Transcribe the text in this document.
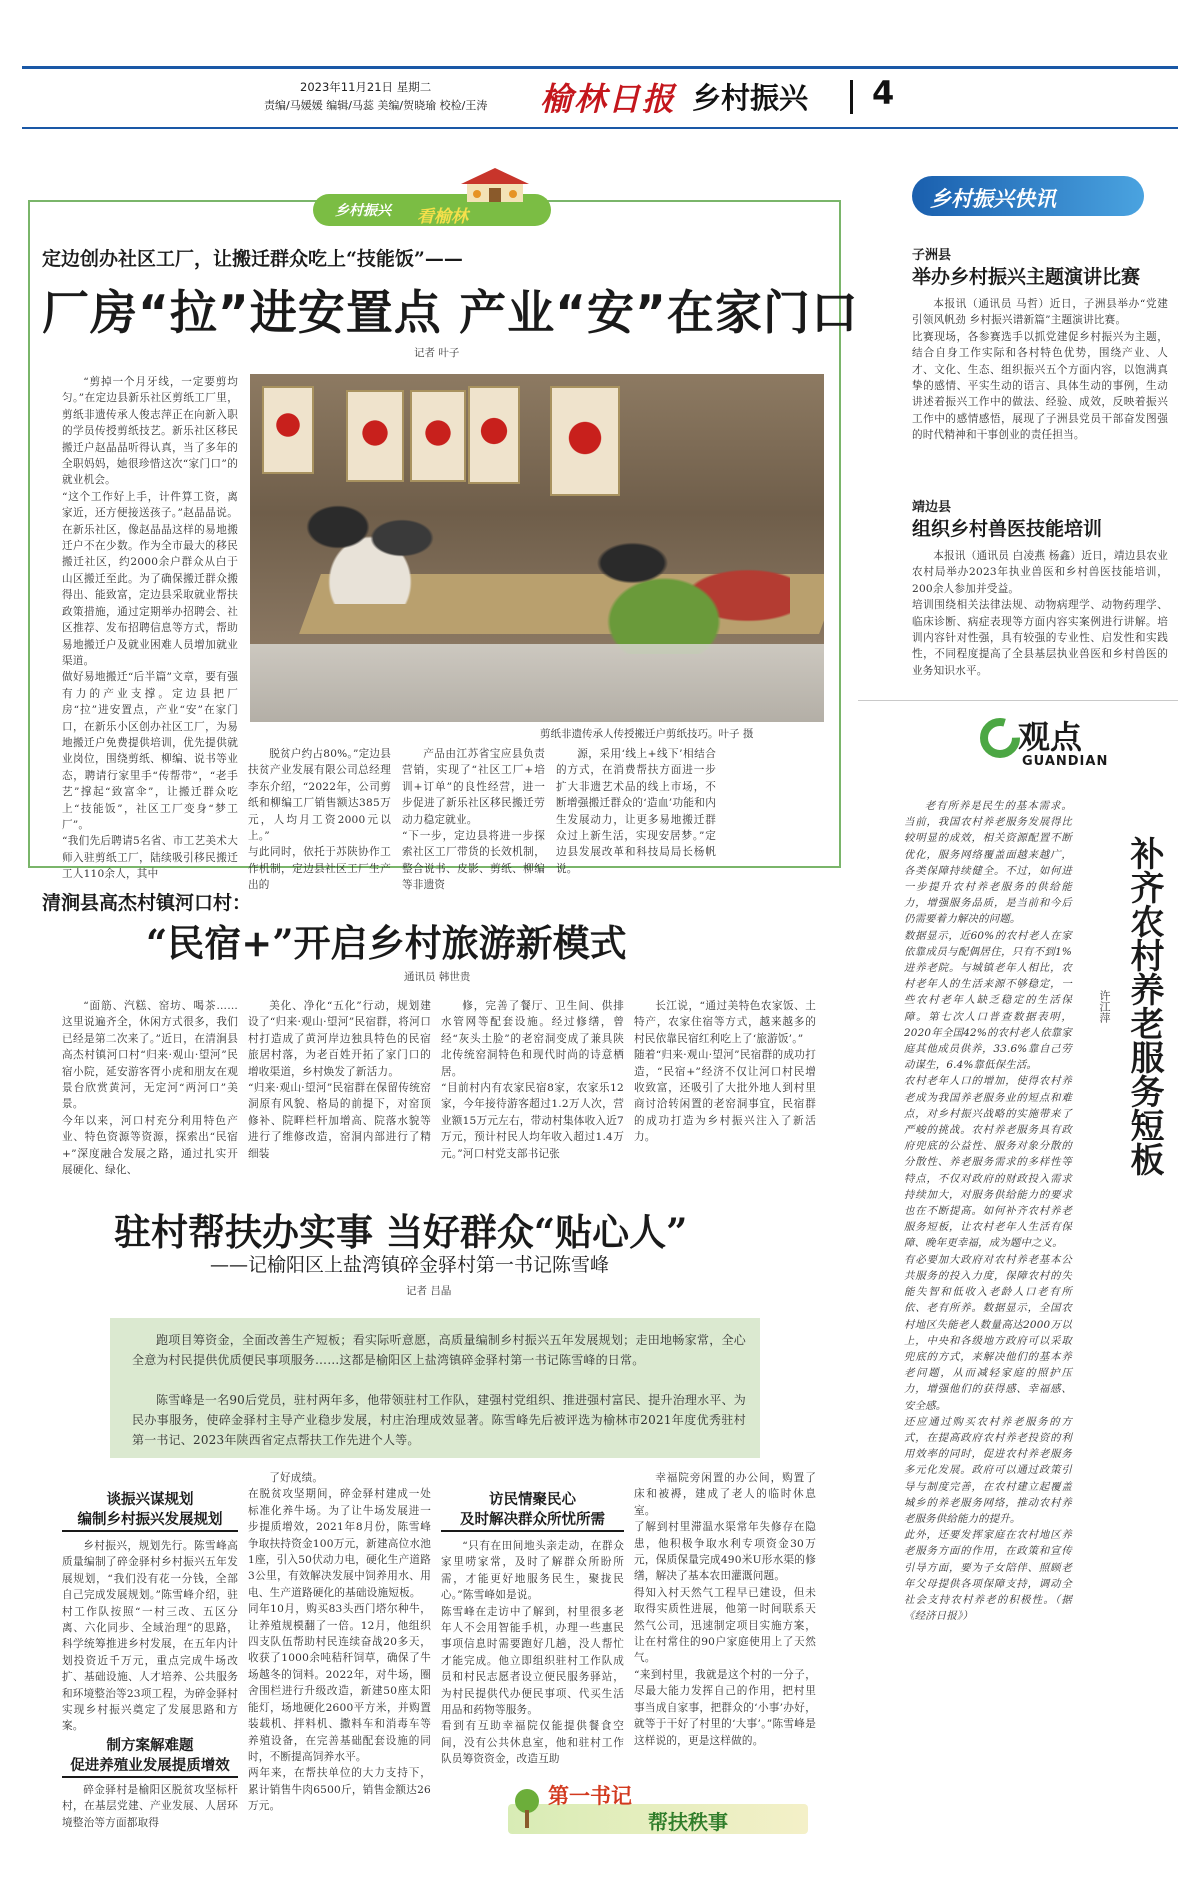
2023年11月21日 星期二
责编/马媛媛 编辑/马蕊 美编/贺晓瑜 校检/王涛 榆林日报 乡村振兴 4
乡村振兴 看榆林
定边创办社区工厂，让搬迁群众吃上“技能饭”——
厂房“拉”进安置点 产业“安”在家门口
记者 叶子
剪纸非遗传承人传授搬迁户剪纸技巧。叶子 摄
“剪掉一个月牙线，一定要剪均匀。”在定边县新乐社区剪纸工厂里，剪纸非遗传承人俊志萍正在向新入职的学员传授剪纸技艺。新乐社区移民搬迁户赵晶晶听得认真，当了多年的全职妈妈，她很珍惜这次“家门口”的就业机会。
“这个工作好上手，计件算工资，离家近，还方便接送孩子。”赵晶晶说。在新乐社区，像赵晶晶这样的易地搬迁户不在少数。作为全市最大的移民搬迁社区，约2000余户群众从白于山区搬迁至此。为了确保搬迁群众搬得出、能致富，定边县采取就业帮扶政策措施，通过定期举办招聘会、社区推荐、发布招聘信息等方式，帮助易地搬迁户及就业困难人员增加就业渠道。
做好易地搬迁“后半篇”文章，要有强有力的产业支撑。定边县把厂房“拉”进安置点，产业“安”在家门口，在新乐小区创办社区工厂，为易地搬迁户免费提供培训，优先提供就业岗位，围绕剪纸、柳编、说书等业态，聘请行家里手“传帮带”，“老手艺”撑起“致富伞”，让搬迁群众吃上“技能饭”，社区工厂变身“梦工厂”。
“我们先后聘请5名省、市工艺美术大师入驻剪纸工厂，陆续吸引移民搬迁工人110余人，其中
脱贫户约占80%。”定边县扶贫产业发展有限公司总经理李东介绍，“2022年，公司剪纸和柳编工厂销售额达385万元，人均月工资2000元以上。”
与此同时，依托于苏陕协作工作机制，定边县社区工厂生产出的
产品由江苏省宝应县负责营销，实现了“社区工厂+培训+订单”的良性经营，进一步促进了新乐社区移民搬迁劳动力稳定就业。
“下一步，定边县将进一步探索社区工厂带货的长效机制，整合说书、皮影、剪纸、柳编等非遗资
源，采用‘线上+线下’相结合的方式，在消费帮扶方面进一步扩大非遗艺术品的线上市场，不断增强搬迁群众的‘造血’功能和内生发展动力，让更多易地搬迁群众过上新生活，实现安居梦。”定边县发展改革和科技局局长杨帆说。
清涧县高杰村镇河口村：
“民宿+”开启乡村旅游新模式
通讯员 韩世贵
“面筋、汽糕、窑坊、喝茶……这里说遍齐全，休闲方式很多，我们已经是第二次来了。”近日，在清涧县高杰村镇河口村“归来·观山·望河”民宿小院，延安游客胥小虎和朋友在观景台欣赏黄河，无定河“两河口”美景。
今年以来，河口村充分利用特色产业、特色资源等资源，探索出“民宿+”深度融合发展之路，通过扎实开展硬化、绿化、
美化、净化“五化”行动，规划建设了“归来·观山·望河”民宿群，将河口村打造成了黄河岸边独具特色的民宿旅居村落，为老百姓开拓了家门口的增收渠道，乡村焕发了新活力。
“归来·观山·望河”民宿群在保留传统窑洞原有风貌、格局的前提下，对窑顶修补、院畔栏杆加增高、院落水貌等进行了维修改造，窑洞内部进行了精细装
修，完善了餐厅、卫生间、供排水管网等配套设施。经过修缮，曾经“灰头土脸”的老窑洞变成了兼具陕北传统窑洞特色和现代时尚的诗意栖居。
“目前村内有农家民宿8家，农家乐12家，今年接待游客超过1.2万人次，营业额15万元左右，带动村集体收入近7万元，预计村民人均年收入超过1.4万元。”河口村党支部书记张
长江说，“通过美特色农家饭、土特产，农家住宿等方式，越来越多的村民依靠民宿红利吃上了‘旅游饭’。”
随着“归来·观山·望河”民宿群的成功打造，“民宿+”经济不仅让河口村民增收致富，还吸引了大批外地人到村里商讨洽转闲置的老窑洞事宜，民宿群的成功打造为乡村振兴注入了新活力。
驻村帮扶办实事 当好群众“贴心人”
——记榆阳区上盐湾镇碎金驿村第一书记陈雪峰
记者 吕晶
跑项目筹资金，全面改善生产短板；看实际听意愿，高质量编制乡村振兴五年发展规划；走田地畅家常，全心全意为村民提供优质便民事项服务……这都是榆阳区上盐湾镇碎金驿村第一书记陈雪峰的日常。
陈雪峰是一名90后党员，驻村两年多，他带领驻村工作队，建强村党组织、推进强村富民、提升治理水平、为民办事服务，使碎金驿村主导产业稳步发展，村庄治理成效显著。陈雪峰先后被评选为榆林市2021年度优秀驻村第一书记、2023年陕西省定点帮扶工作先进个人等。
谈振兴谋规划
编制乡村振兴发展规划
乡村振兴，规划先行。陈雪峰高质量编制了碎金驿村乡村振兴五年发展规划，“我们没有花一分钱，全部自己完成发展规划。”陈雪峰介绍，驻村工作队按照“一村三改、五区分离、六化同步、全域治理”的思路，科学统筹推进乡村发展，在五年内计划投资近千万元，重点完成牛场改扩、基础设施、人才培养、公共服务和环境整治等23项工程，为碎金驿村实现乡村振兴奠定了发展思路和方案。
制方案解难题
促进养殖业发展提质增效
碎金驿村是榆阳区脱贫攻坚标杆村，在基层党建、产业发展、人居环境整治等方面都取得
了好成绩。
在脱贫攻坚期间，碎金驿村建成一处标准化养牛场。为了让牛场发展进一步提质增效，2021年8月份，陈雪峰争取扶持资金100万元，新建高位水池1座，引入50伏动力电，硬化生产道路3公里，有效解决发展中饲养用水、用电、生产道路硬化的基础设施短板。
同年10月，购买83头西门塔尔种牛，让养殖规模翻了一倍。12月，他组织四支队伍帮助村民连续奋战20多天，收获了1000余吨秸秆饲草，确保了牛场越冬的饲料。2022年，对牛场，圈舍围栏进行升级改造，新建50座太阳能灯，场地硬化2600平方米，并购置装载机、拌料机、撒料车和消毒车等养殖设备，在完善基础配套设施的同时，不断提高饲养水平。
两年来，在帮扶单位的大力支持下，累计销售牛肉6500斤，销售金额达26万元。
访民情聚民心
及时解决群众所忧所需
“只有在田间地头亲走动，在群众家里唠家常，及时了解群众所盼所需，才能更好地服务民生，聚拢民心。”陈雪峰如是说。
陈雪峰在走访中了解到，村里很多老年人不会用智能手机，办理一些惠民事项信息时需要跑好几趟，没人帮忙才能完成。他立即组织驻村工作队成员和村民志愿者设立便民服务驿站，为村民提供代办便民事项、代买生活用品和药物等服务。
看到有互助幸福院仅能提供餐食空间，没有公共休息室，他和驻村工作队员筹资资金，改造互助
幸福院旁闲置的办公间，购置了床和被褥，建成了老人的临时休息室。
了解到村里滞温水渠常年失修存在隐患，他积极争取水利专项资金30万元，保质保量完成490米U形水渠的修缮，解决了基本农田灌溉问题。
得知入村天然气工程早已建设，但未取得实质性进展，他第一时间联系天然气公司，迅速制定项目实施方案，让在村常住的90户家庭使用上了天然气。
“来到村里，我就是这个村的一分子，尽最大能力发挥自己的作用，把村里事当成自家事，把群众的‘小事’办好，就等于干好了村里的‘大事’。”陈雪峰是这样说的，更是这样做的。
第一书记
帮扶秩事
乡村振兴快讯
子洲县
举办乡村振兴主题演讲比赛
本报讯（通讯员 马哲）近日，子洲县举办“党建引领风帆劲 乡村振兴谱新篇”主题演讲比赛。
比赛现场，各参赛选手以抓党建促乡村振兴为主题，结合自身工作实际和各村特色优势，围绕产业、人才、文化、生态、组织振兴五个方面内容，以饱满真挚的感情、平实生动的语言、具体生动的事例，生动讲述着振兴工作中的做法、经验、成效，反映着振兴工作中的感情感悟，展现了子洲县党员干部奋发图强的时代精神和干事创业的责任担当。
靖边县
组织乡村兽医技能培训
本报讯（通讯员 白凌燕 杨鑫）近日，靖边县农业农村局举办2023年执业兽医和乡村兽医技能培训，200余人参加并受益。
培训围绕相关法律法规、动物病理学、动物药理学、临床诊断、病症表现等方面内容实案例进行讲解。培训内容针对性强，具有较强的专业性、启发性和实践性，不同程度提高了全县基层执业兽医和乡村兽医的业务知识水平。
观点
GUANDIAN
老有所养是民生的基本需求。当前，我国农村养老服务发展得比较明显的成效，相关资源配置不断优化，服务网络覆盖面越来越广，各类保障持续健全。不过，如何进一步提升农村养老服务的供给能力，增强服务品质，是当前和今后仍需要着力解决的问题。
数据显示，近60%的农村老人在家依靠成员与配偶居住，只有不到1%进养老院。与城镇老年人相比，农村老年人的生活来源不够稳定，一些农村老年人缺乏稳定的生活保障。第七次人口普查数据表明，2020年全国42%的农村老人依靠家庭其他成员供养，33.6%靠自己劳动谋生，6.4%靠低保生活。
农村老年人口的增加，使得农村养老成为我国养老服务业的短点和难点，对乡村振兴战略的实施带来了严峻的挑战。农村养老服务具有政府兜底的公益性、服务对象分散的分散性、养老服务需求的多样性等特点，不仅对政府的财政投入需求持续加大，对服务供给能力的要求也在不断提高。如何补齐农村养老服务短板，让农村老年人生活有保障、晚年更幸福，成为题中之义。
有必要加大政府对农村养老基本公共服务的投入力度，保障农村的失能失智和低收入老龄人口老有所依、老有所养。数据显示，全国农村地区失能老人数量高达2000万以上，中央和各级地方政府可以采取兜底的方式，来解决他们的基本养老问题，从而减轻家庭的照护压力，增强他们的获得感、幸福感、安全感。
还应通过购买农村养老服务的方式，在提高政府农村养老投资的利用效率的同时，促进农村养老服务多元化发展。政府可以通过政策引导与制度完善，在农村建立起覆盖城乡的养老服务网络，推动农村养老服务供给能力的提升。
此外，还要发挥家庭在农村地区养老服务方面的作用，在政策和宣传引导方面，要为子女陪伴、照顾老年父母提供各项保障支持，调动全社会支持农村养老的积极性。（据《经济日报》）
补齐农村养老服务短板
许江萍
